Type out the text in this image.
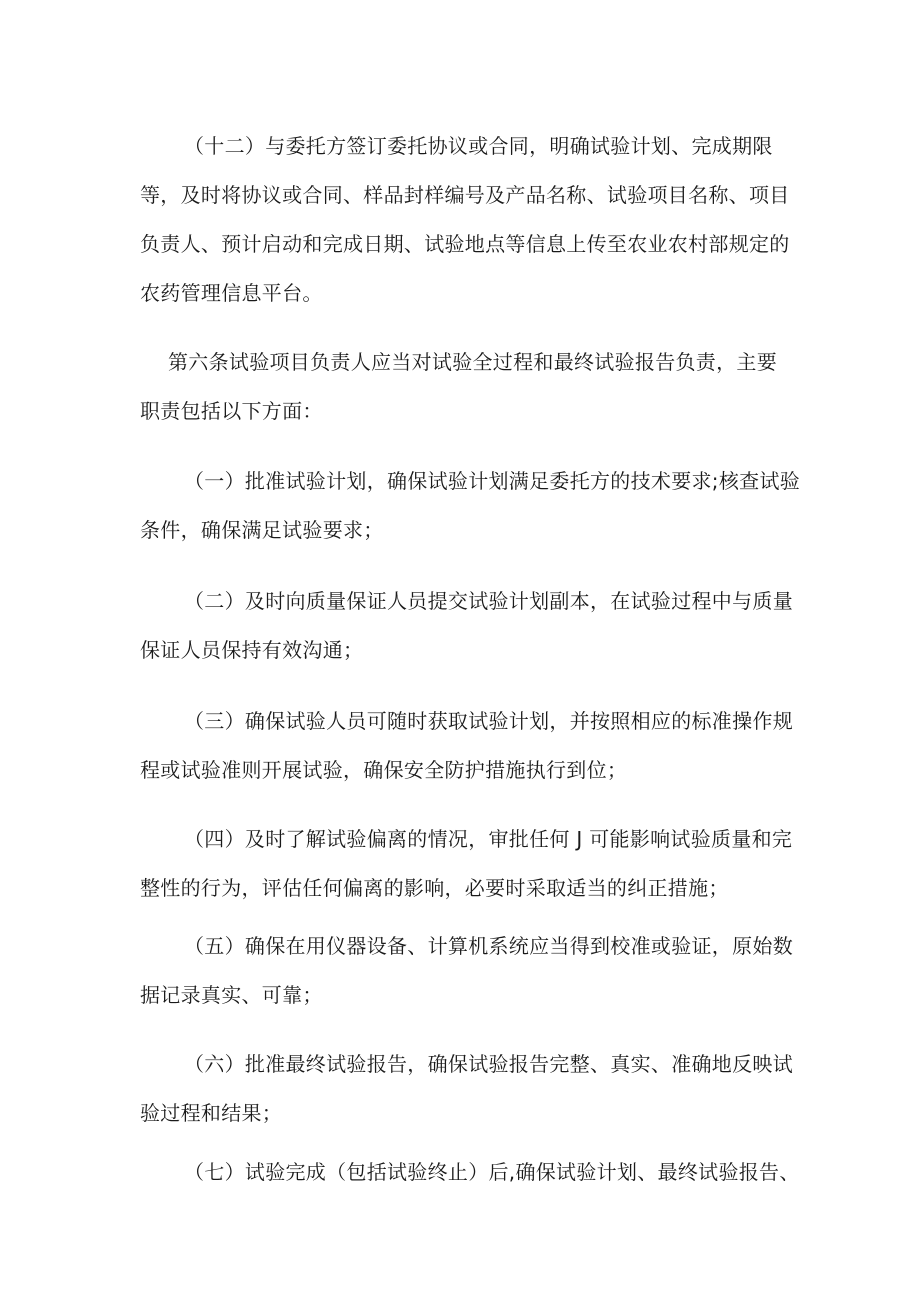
（十二）与委托方签订委托协议或合同，明确试验计划、完成期限
等，及时将协议或合同、样品封样编号及产品名称、试验项目名称、项目
负责人、预计启动和完成日期、试验地点等信息上传至农业农村部规定的
农药管理信息平台。

第六条试验项目负责人应当对试验全过程和最终试验报告负责，主要
职责包括以下方面：

（一）批准试验计划，确保试验计划满足委托方的技术要求;核查试验
条件，确保满足试验要求；

（二）及时向质量保证人员提交试验计划副本，在试验过程中与质量
保证人员保持有效沟通；

（三）确保试验人员可随时获取试验计划，并按照相应的标准操作规
程或试验准则开展试验，确保安全防护措施执行到位；

（四）及时了解试验偏离的情况，审批任何 J 可能影响试验质量和完
整性的行为，评估任何偏离的影响，必要时采取适当的纠正措施；

（五）确保在用仪器设备、计算机系统应当得到校准或验证，原始数
据记录真实、可靠；

（六）批准最终试验报告，确保试验报告完整、真实、准确地反映试
验过程和结果；

（七）试验完成（包括试验终止）后,确保试验计划、最终试验报告、
